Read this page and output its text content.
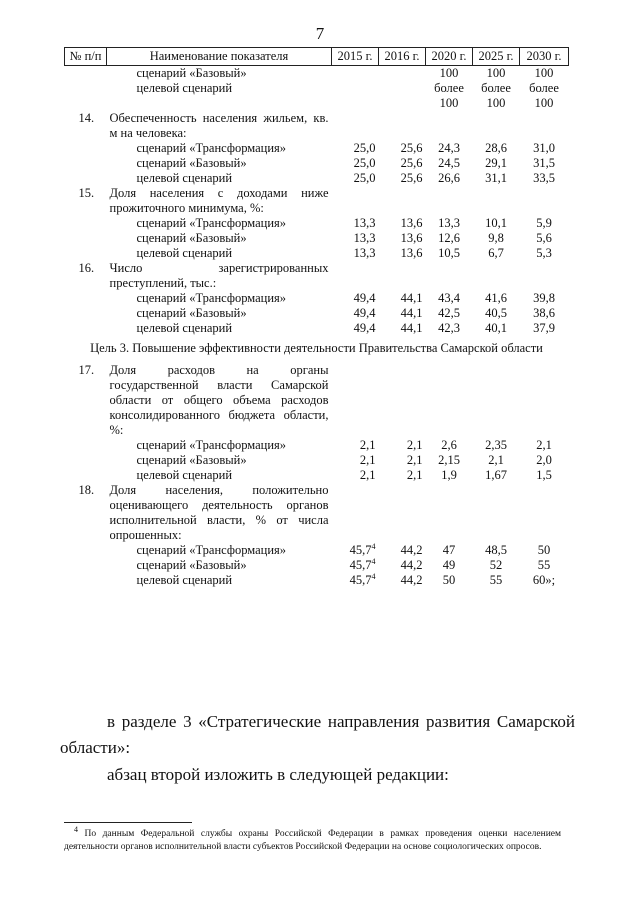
7
№ п/п	Наименование показателя	2015 г.	2016 г.	2020 г.	2025 г.	2030 г.
	сценарий «Базовый»			100	100	100
	целевой сценарий			более 100	более 100	более 100
14.	Обеспеченность населения жильем, кв. м на человека:					
	сценарий «Трансформация»	25,0	25,6	24,3	28,6	31,0
	сценарий «Базовый»	25,0	25,6	24,5	29,1	31,5
	целевой сценарий	25,0	25,6	26,6	31,1	33,5
15.	Доля населения с доходами ниже прожиточного минимума, %:					
	сценарий «Трансформация»	13,3	13,6	13,3	10,1	5,9
	сценарий «Базовый»	13,3	13,6	12,6	9,8	5,6
	целевой сценарий	13,3	13,6	10,5	6,7	5,3
16.	Число зарегистрированных преступлений, тыс.:					
	сценарий «Трансформация»	49,4	44,1	43,4	41,6	39,8
	сценарий «Базовый»	49,4	44,1	42,5	40,5	38,6
	целевой сценарий	49,4	44,1	42,3	40,1	37,9
Цель 3. Повышение эффективности деятельности Правительства Самарской области						
17.	Доля расходов на органы государственной власти Самарской области от общего объема расходов консолидированного бюджета области, %:					
	сценарий «Трансформация»	2,1	2,1	2,6	2,35	2,1
	сценарий «Базовый»	2,1	2,1	2,15	2,1	2,0
	целевой сценарий	2,1	2,1	1,9	1,67	1,5
18.	Доля населения, положительно оценивающего деятельность органов исполнительной власти, % от числа опрошенных:					
	сценарий «Трансформация»	45,7$^4$	44,2	47	48,5	50
	сценарий «Базовый»	45,7$^4$	44,2	49	52	55
	целевой сценарий	45,7$^4$	44,2	50	55	60»;
в разделе 3 «Стратегические направления развития Самарской области»:
абзац второй изложить в следующей редакции:
$^4$ По данным Федеральной службы охраны Российской Федерации в рамках проведения оценки населением деятельности органов исполнительной власти субъектов Российской Федерации на основе социологических опросов.
